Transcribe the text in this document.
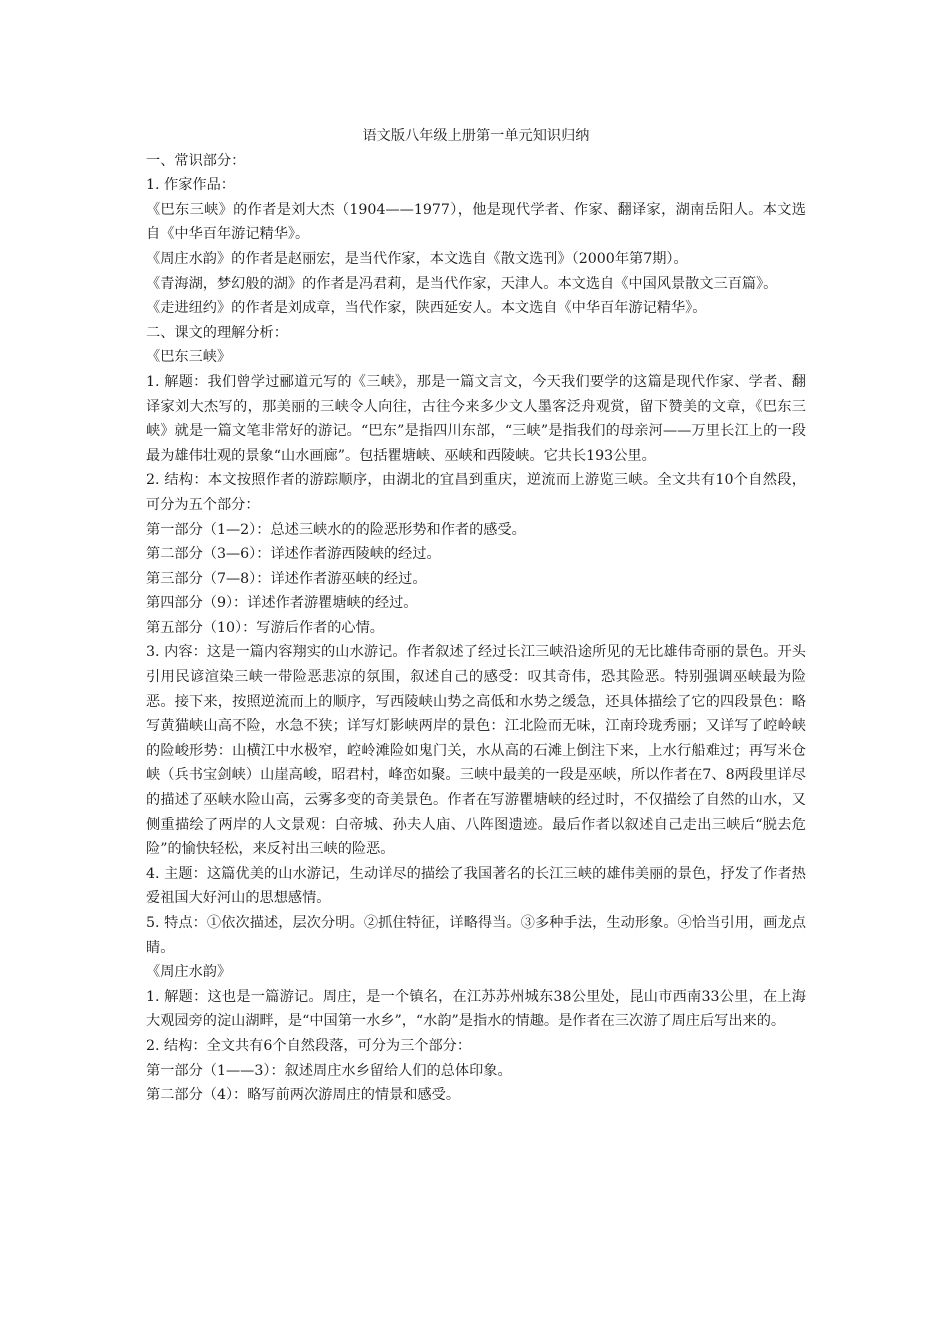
语文版八年级上册第一单元知识归纳

一、常识部分：

1. 作家作品：

《巴东三峡》的作者是刘大杰（1904——1977），他是现代学者、作家、翻译家，湖南岳阳人。本文选自《中华百年游记精华》。

《周庄水韵》的作者是赵丽宏，是当代作家，本文选自《散文选刊》（2000年第7期）。

《青海湖，梦幻般的湖》的作者是冯君莉，是当代作家，天津人。本文选自《中国风景散文三百篇》。

《走进纽约》的作者是刘成章，当代作家，陕西延安人。本文选自《中华百年游记精华》。

二、课文的理解分析：

《巴东三峡》

1. 解题：我们曾学过郦道元写的《三峡》，那是一篇文言文，今天我们要学的这篇是现代作家、学者、翻译家刘大杰写的，那美丽的三峡令人向往，古往今来多少文人墨客泛舟观赏，留下赞美的文章，《巴东三峡》就是一篇文笔非常好的游记。“巴东”是指四川东部，“三峡”是指我们的母亲河——万里长江上的一段最为雄伟壮观的景象“山水画廊”。包括瞿塘峡、巫峡和西陵峡。它共长193公里。

2. 结构：本文按照作者的游踪顺序，由湖北的宜昌到重庆，逆流而上游览三峡。全文共有10个自然段，可分为五个部分：

第一部分（1—2）：总述三峡水的的险恶形势和作者的感受。

第二部分（3—6）：详述作者游西陵峡的经过。

第三部分（7—8）：详述作者游巫峡的经过。

第四部分（9）：详述作者游瞿塘峡的经过。

第五部分（10）：写游后作者的心情。

3. 内容：这是一篇内容翔实的山水游记。作者叙述了经过长江三峡沿途所见的无比雄伟奇丽的景色。开头引用民谚渲染三峡一带险恶悲凉的氛围，叙述自己的感受：叹其奇伟，恐其险恶。特别强调巫峡最为险恶。接下来，按照逆流而上的顺序，写西陵峡山势之高低和水势之缓急，还具体描绘了它的四段景色：略写黄猫峡山高不险，水急不狭；详写灯影峡两岸的景色：江北险而无味，江南玲珑秀丽；又详写了崆岭峡的险峻形势：山横江中水极窄，崆岭滩险如鬼门关，水从高的石滩上倒注下来，上水行船难过；再写米仓峡（兵书宝剑峡）山崖高峻，昭君村，峰峦如聚。三峡中最美的一段是巫峡，所以作者在7、8两段里详尽的描述了巫峡水险山高，云雾多变的奇美景色。作者在写游瞿塘峡的经过时，不仅描绘了自然的山水，又侧重描绘了两岸的人文景观：白帝城、孙夫人庙、八阵图遗迹。最后作者以叙述自己走出三峡后“脱去危险”的愉快轻松，来反衬出三峡的险恶。

4. 主题：这篇优美的山水游记，生动详尽的描绘了我国著名的长江三峡的雄伟美丽的景色，抒发了作者热爱祖国大好河山的思想感情。

5. 特点：①依次描述，层次分明。②抓住特征，详略得当。③多种手法，生动形象。④恰当引用，画龙点睛。

《周庄水韵》

1. 解题：这也是一篇游记。周庄，是一个镇名，在江苏苏州城东38公里处，昆山市西南33公里，在上海大观园旁的淀山湖畔，是“中国第一水乡”，“水韵”是指水的情趣。是作者在三次游了周庄后写出来的。

2. 结构：全文共有6个自然段落，可分为三个部分：

第一部分（1——3）：叙述周庄水乡留给人们的总体印象。

第二部分（4）：略写前两次游周庄的情景和感受。
